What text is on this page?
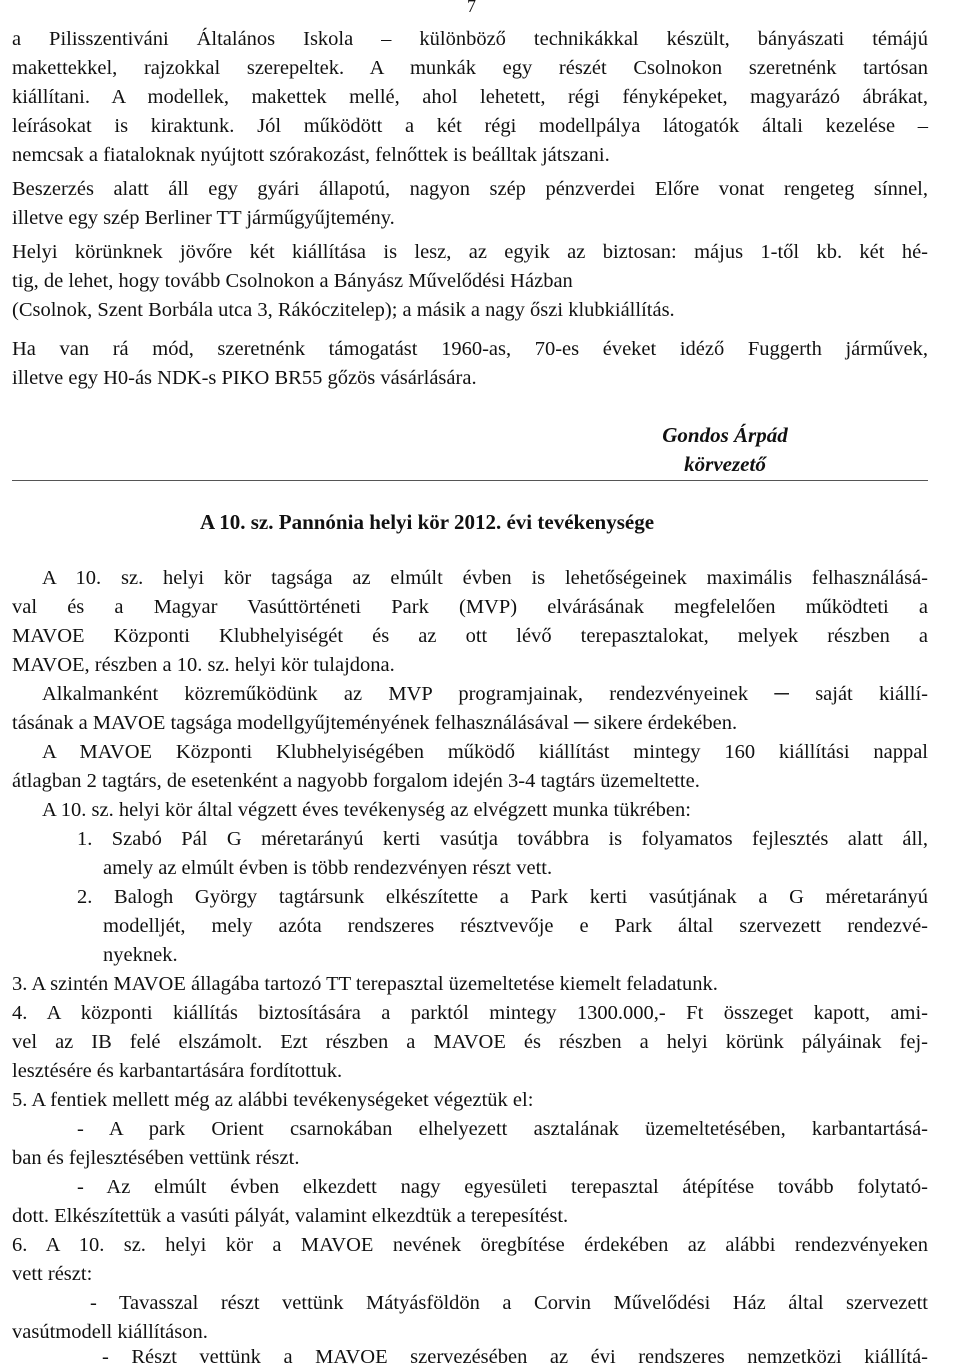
7
a Pilisszentiváni Általános Iskola – különböző technikákkal készült, bányászati témájú
makettekkel, rajzokkal szerepeltek. A munkák egy részét Csolnokon szeretnénk tartósan
kiállítani. A modellek, makettek mellé, ahol lehetett, régi fényképeket, magyarázó ábrákat,
leírásokat is kiraktunk. Jól működött a két régi modellpálya látogatók általi kezelése –
nemcsak a fiataloknak nyújtott szórakozást, felnőttek is beálltak játszani.
Beszerzés alatt áll egy gyári állapotú, nagyon szép pénzverdei Előre vonat rengeteg sínnel,
illetve egy szép Berliner TT járműgyűjtemény.
Helyi körünknek jövőre két kiállítása is lesz, az egyik az biztosan: május 1-től kb. két hé-
tig, de lehet, hogy tovább Csolnokon a Bányász Művelődési Házban
(Csolnok, Szent Borbála utca 3, Rákóczitelep); a másik a nagy őszi klubkiállítás.
Ha van rá mód, szeretnénk támogatást 1960-as, 70-es éveket idéző Fuggerth járművek,
illetve egy H0-ás NDK-s PIKO BR55 gőzös vásárlására.
Gondos Árpád
körvezető
A 10. sz. Pannónia helyi kör 2012. évi tevékenysége
A 10. sz. helyi kör tagsága az elmúlt évben is lehetőségeinek maximális felhasználásá-
val és a Magyar Vasúttörténeti Park (MVP) elvárásának megfelelően működteti a
MAVOE Központi Klubhelyiségét és az ott lévő terepasztalokat, melyek részben a
MAVOE, részben a 10. sz. helyi kör tulajdona.
Alkalmanként közreműködünk az MVP programjainak, rendezvényeinek ─ saját kiállí-
tásának a MAVOE tagsága modellgyűjteményének felhasználásával ─ sikere érdekében.
A MAVOE Központi Klubhelyiségében működő kiállítást mintegy 160 kiállítási nappal
átlagban 2 tagtárs, de esetenként a nagyobb forgalom idején 3-4 tagtárs üzemeltette.
A 10. sz. helyi kör által végzett éves tevékenység az elvégzett munka tükrében:
1. Szabó Pál G méretarányú kerti vasútja továbbra is folyamatos fejlesztés alatt áll,
amely az elmúlt évben is több rendezvényen részt vett.
2. Balogh György tagtársunk elkészítette a Park kerti vasútjának a G méretarányú
modelljét, mely azóta rendszeres résztvevője e Park által szervezett rendezvé-
nyeknek.
3. A szintén MAVOE állagába tartozó TT terepasztal üzemeltetése kiemelt feladatunk.
4. A központi kiállítás biztosítására a parktól mintegy 1300.000,- Ft összeget kapott, ami-
vel az IB felé elszámolt. Ezt részben a MAVOE és részben a helyi körünk pályáinak fej-
lesztésére és karbantartására fordítottuk.
5. A fentiek mellett még az alábbi tevékenységeket végeztük el:
- A park Orient csarnokában elhelyezett asztalának üzemeltetésében, karbantartásá-
ban és fejlesztésében vettünk részt.
- Az elmúlt évben elkezdett nagy egyesületi terepasztal átépítése tovább folytató-
dott. Elkészítettük a vasúti pályát, valamint elkezdtük a terepesítést.
6. A 10. sz. helyi kör a MAVOE nevének öregbítése érdekében az alábbi rendezvényeken
vett részt:
- Tavasszal részt vettünk Mátyásföldön a Corvin Művelődési Ház által szervezett
vasútmodell kiállításon.
- Részt vettünk a MAVOE szervezésében az évi rendszeres nemzetközi kiállítá-
